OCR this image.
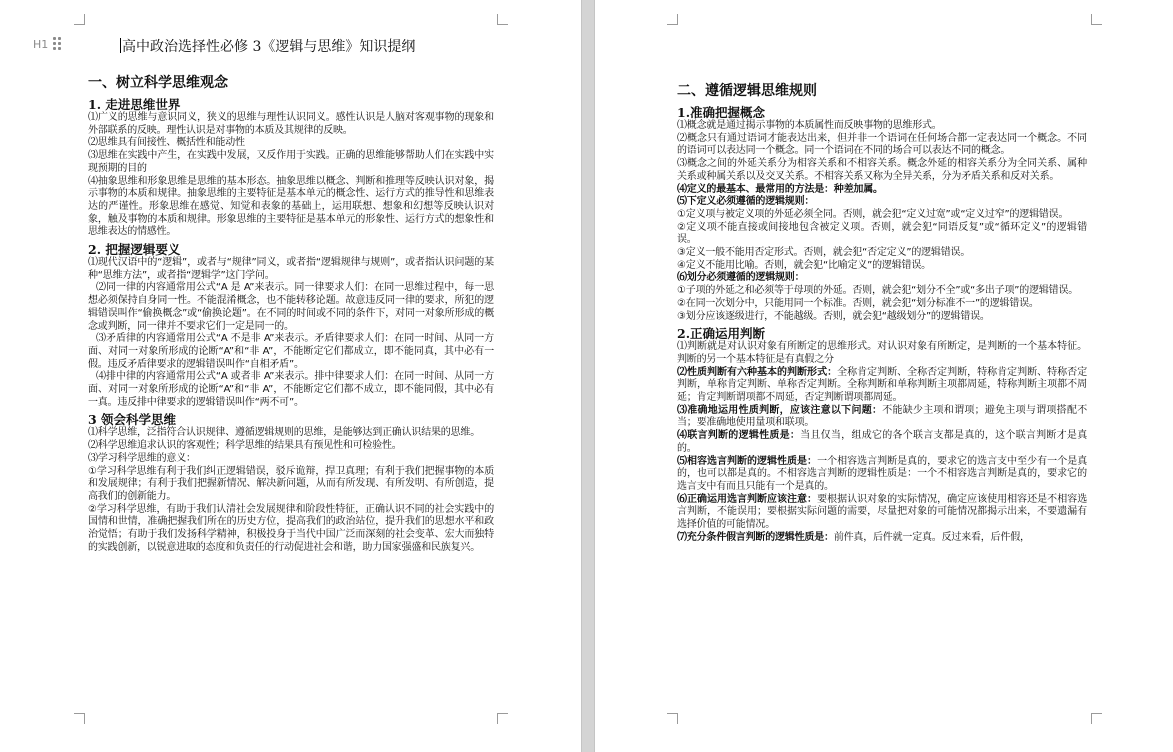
H1	高中政治选择性必修 3《逻辑与思维》知识提纲
一、树立科学思维观念
1. 走进思维世界

⑴广义的思维与意识同义，狭义的思维与理性认识同义。感性认识是人脑对客观事物的现象和外部联系的反映。理性认识是对事物的本质及其规律的反映。

⑵思维具有间接性、概括性和能动性

⑶思维在实践中产生，在实践中发展，又反作用于实践。正确的思维能够帮助人们在实践中实现预期的目的

⑷抽象思维和形象思维是思维的基本形态。抽象思维以概念、判断和推理等反映认识对象，揭示事物的本质和规律。抽象思维的主要特征是基本单元的概念性、运行方式的推导性和思维表达的严谨性。形象思维在感觉、知觉和表象的基础上，运用联想、想象和幻想等反映认识对象，触及事物的本质和规律。形象思维的主要特征是基本单元的形象性、运行方式的想象性和思维表达的情感性。

2. 把握逻辑要义

⑴现代汉语中的“逻辑”，或者与“规律”同义，或者指“逻辑规律与规则”，或者指认识问题的某种“思维方法”，或者指“逻辑学”这门学问。

⑵同一律的内容通常用公式“A 是 A”来表示。同一律要求人们：在同一思维过程中，每一思想必须保持自身同一性。不能混淆概念，也不能转移论题。故意违反同一律的要求，所犯的逻辑错误叫作“偷换概念”或“偷换论题”。在不同的时间或不同的条件下，对同一对象所形成的概念或判断，同一律并不要求它们一定是同一的。

⑶矛盾律的内容通常用公式“A 不是非 A”来表示。矛盾律要求人们：在同一时间、从同一方面、对同一对象所形成的论断“A”和“非 A”，不能断定它们都成立，即不能同真，其中必有一假。违反矛盾律要求的逻辑错误叫作“自相矛盾”。

⑷排中律的内容通常用公式“A 或者非 A”来表示。排中律要求人们：在同一时间、从同一方面、对同一对象所形成的论断“A”和“非 A”，不能断定它们都不成立，即不能同假，其中必有一真。违反排中律要求的逻辑错误叫作“两不可”。

3 领会科学思维

⑴科学思维，泛指符合认识规律、遵循逻辑规则的思维，是能够达到正确认识结果的思维。

⑵科学思维追求认识的客观性；科学思维的结果具有预见性和可检验性。

⑶学习科学思维的意义：

①学习科学思维有利于我们纠正逻辑错误，驳斥诡辩，捍卫真理；有利于我们把握事物的本质和发展规律；有利于我们把握新情况、解决新问题，从而有所发现、有所发明、有所创造，提高我们的创新能力。

②学习科学思维，有助于我们认清社会发展规律和阶段性特征，正确认识不同的社会实践中的国情和世情，准确把握我们所在的历史方位，提高我们的政治站位，提升我们的思想水平和政治觉悟；有助于我们发扬科学精神，积极投身于当代中国广泛而深刻的社会变革、宏大而独特的实践创新，以锐意进取的态度和负责任的行动促进社会和谐，助力国家强盛和民族复兴。

二、遵循逻辑思维规则
1.准确把握概念

⑴概念就是通过揭示事物的本质属性而反映事物的思维形式。

⑵概念只有通过语词才能表达出来，但并非一个语词在任何场合都一定表达同一个概念。不同的语词可以表达同一个概念。同一个语词在不同的场合可以表达不同的概念。

⑶概念之间的外延关系分为相容关系和不相容关系。概念外延的相容关系分为全同关系、属种关系或种属关系以及交叉关系。不相容关系又称为全异关系，分为矛盾关系和反对关系。

⑷定义的最基本、最常用的方法是：种差加属。

⑸下定义必须遵循的逻辑规则：

①定义项与被定义项的外延必须全同。否则，就会犯“定义过宽”或“定义过窄”的逻辑错误。

②定义项不能直接或间接地包含被定义项。否则，就会犯“同语反复”或“循环定义”的逻辑错误。

③定义一般不能用否定形式。否则，就会犯“否定定义”的逻辑错误。

④定义不能用比喻。否则，就会犯“比喻定义”的逻辑错误。

⑹划分必须遵循的逻辑规则：

①子项的外延之和必须等于母项的外延。否则，就会犯“划分不全”或“多出子项”的逻辑错误。

②在同一次划分中，只能用同一个标准。否则，就会犯“划分标准不一”的逻辑错误。

③划分应该逐级进行，不能越级。否则，就会犯“越级划分”的逻辑错误。

2.正确运用判断

⑴判断就是对认识对象有所断定的思维形式。对认识对象有所断定，是判断的一个基本特征。判断的另一个基本特征是有真假之分

⑵性质判断有六种基本的判断形式：全称肯定判断、全称否定判断，特称肯定判断、特称否定判断，单称肯定判断、单称否定判断。全称判断和单称判断主项都周延，特称判断主项都不周延；肯定判断谓项都不周延，否定判断谓项都周延。

⑶准确地运用性质判断，应该注意以下问题：不能缺少主项和谓项；避免主项与谓项搭配不当；要准确地使用量项和联项。

⑷联言判断的逻辑性质是：当且仅当，组成它的各个联言支都是真的，这个联言判断才是真的。

⑸相容选言判断的逻辑性质是：一个相容选言判断是真的，要求它的选言支中至少有一个是真的，也可以都是真的。不相容选言判断的逻辑性质是：一个不相容选言判断是真的，要求它的选言支中有而且只能有一个是真的。

⑹正确运用选言判断应该注意：要根据认识对象的实际情况，确定应该使用相容还是不相容选言判断，不能误用；要根据实际问题的需要，尽量把对象的可能情况都揭示出来，不要遗漏有选择价值的可能情况。

⑺充分条件假言判断的逻辑性质是：前件真，后件就一定真。反过来看，后件假，
